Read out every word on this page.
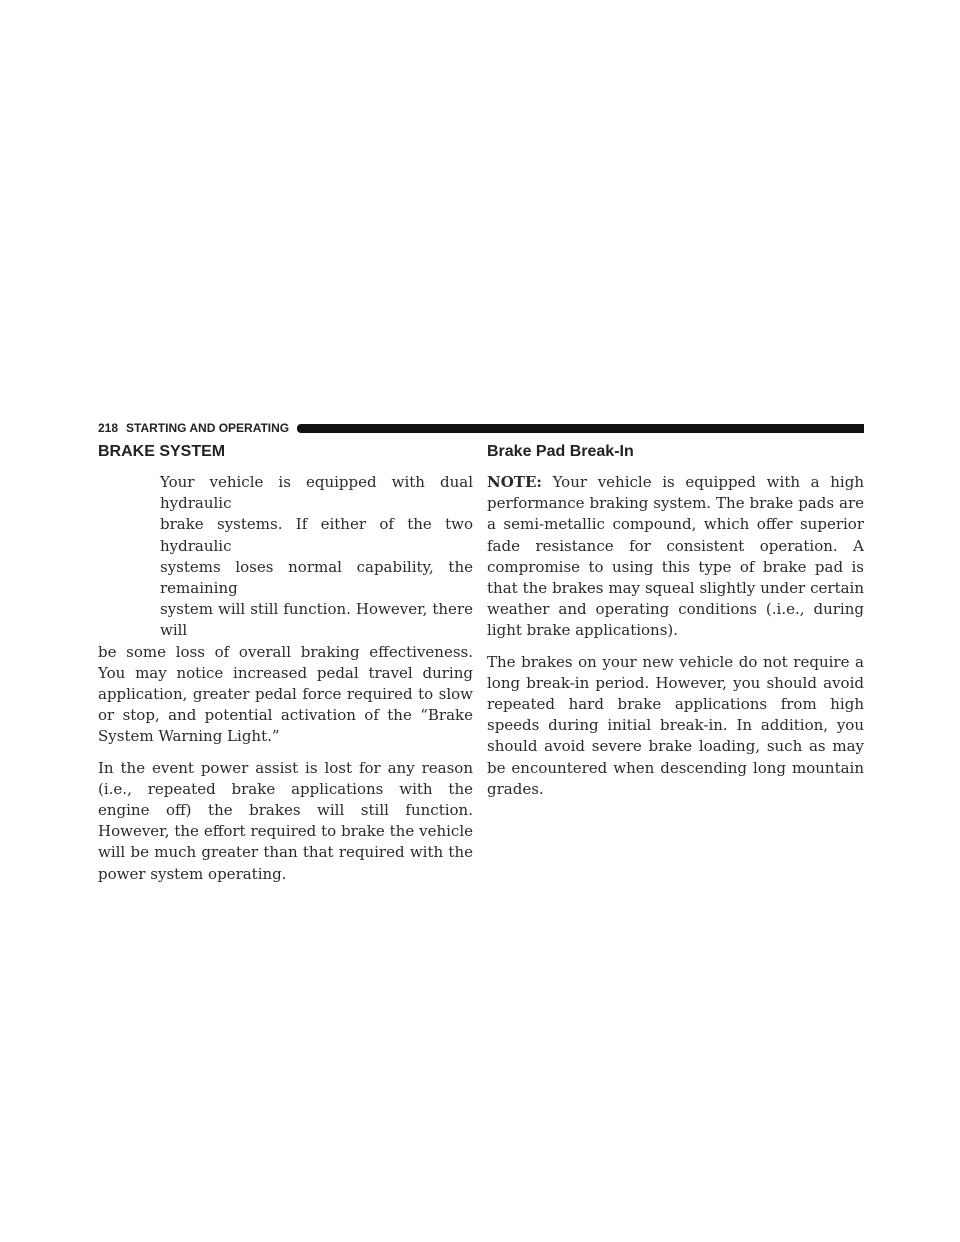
218 STARTING AND OPERATING
BRAKE SYSTEM

Your vehicle is equipped with dual hydraulic

brake systems. If either of the two hydraulic

systems loses normal capability, the remaining

system will still function. However, there will

be some loss of overall braking effectiveness. You may notice increased pedal travel during application, greater pedal force required to slow or stop, and potential activation of the “Brake System Warning Light.”

In the event power assist is lost for any reason (i.e., repeated brake applications with the engine off) the brakes will still function. However, the effort required to brake the vehicle will be much greater than that required with the power system operating.

Brake Pad Break-In

NOTE: Your vehicle is equipped with a high performance braking system. The brake pads are a semi-metallic compound, which offer superior fade resistance for consistent operation. A compromise to using this type of brake pad is that the brakes may squeal slightly under certain weather and operating conditions (.i.e., during light brake applications).

The brakes on your new vehicle do not require a long break-in period. However, you should avoid repeated hard brake applications from high speeds during initial break-in. In addition, you should avoid severe brake loading, such as may be encountered when descending long mountain grades.
